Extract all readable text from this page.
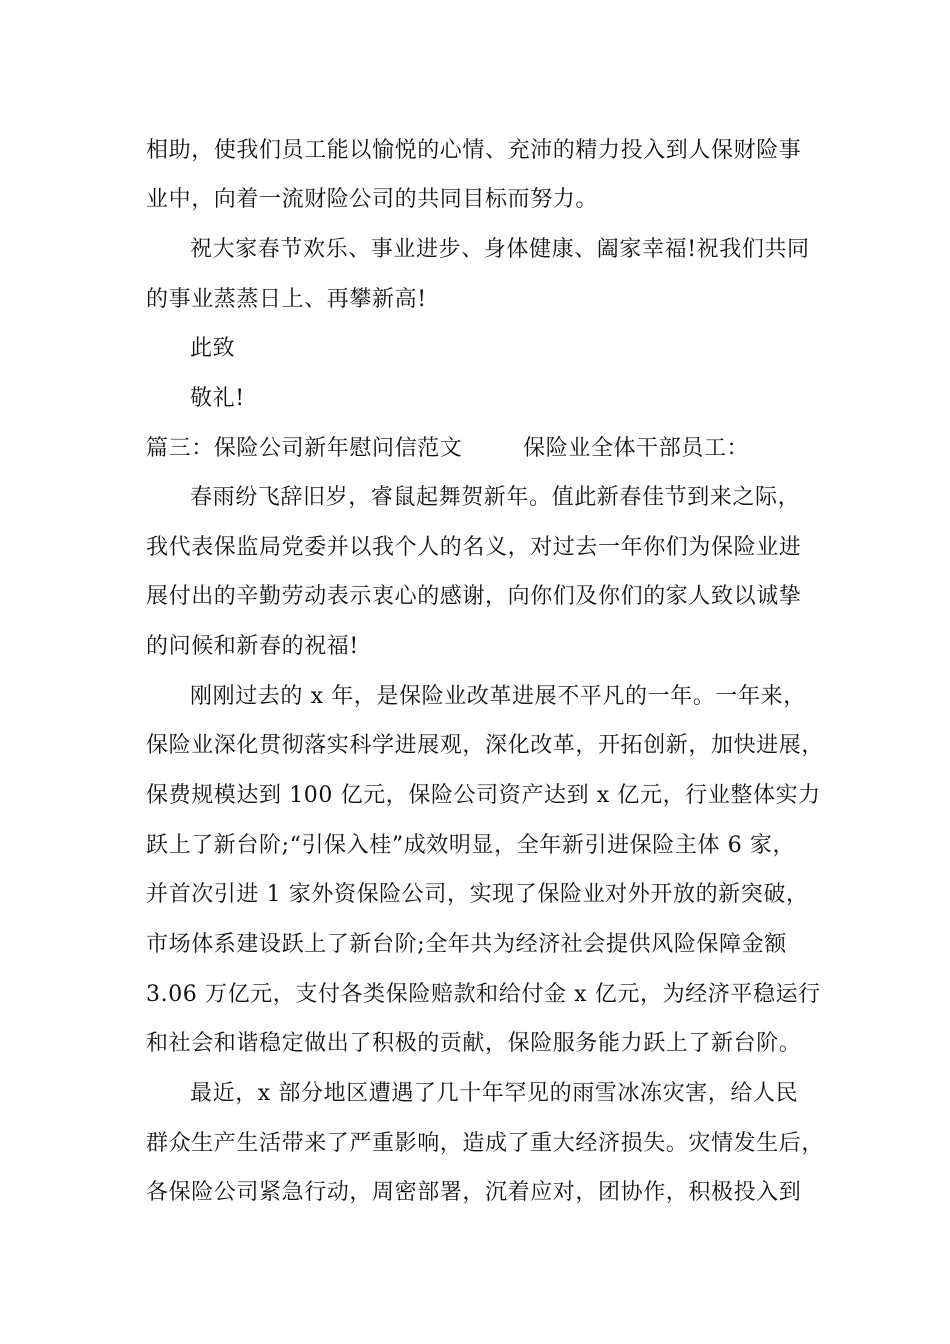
相助，使我们员工能以愉悦的心情、充沛的精力投入到人保财险事
业中，向着一流财险公司的共同目标而努力。
祝大家春节欢乐、事业进步、身体健康、阖家幸福!祝我们共同
的事业蒸蒸日上、再攀新高!
此致
敬礼!
篇三：保险公司新年慰问信范文        保险业全体干部员工：
春雨纷飞辞旧岁，睿鼠起舞贺新年。值此新春佳节到来之际，
我代表保监局党委并以我个人的名义，对过去一年你们为保险业进
展付出的辛勤劳动表示衷心的感谢，向你们及你们的家人致以诚挚
的问候和新春的祝福!
刚刚过去的 x 年，是保险业改革进展不平凡的一年。一年来，
保险业深化贯彻落实科学进展观，深化改革，开拓创新，加快进展，
保费规模达到 100 亿元，保险公司资产达到 x 亿元，行业整体实力
跃上了新台阶;“引保入桂”成效明显，全年新引进保险主体 6 家，
并首次引进 1 家外资保险公司，实现了保险业对外开放的新突破，
市场体系建设跃上了新台阶;全年共为经济社会提供风险保障金额
3.06 万亿元，支付各类保险赔款和给付金 x 亿元，为经济平稳运行
和社会和谐稳定做出了积极的贡献，保险服务能力跃上了新台阶。
最近，x 部分地区遭遇了几十年罕见的雨雪冰冻灾害，给人民
群众生产生活带来了严重影响，造成了重大经济损失。灾情发生后，
各保险公司紧急行动，周密部署，沉着应对，团协作，积极投入到
